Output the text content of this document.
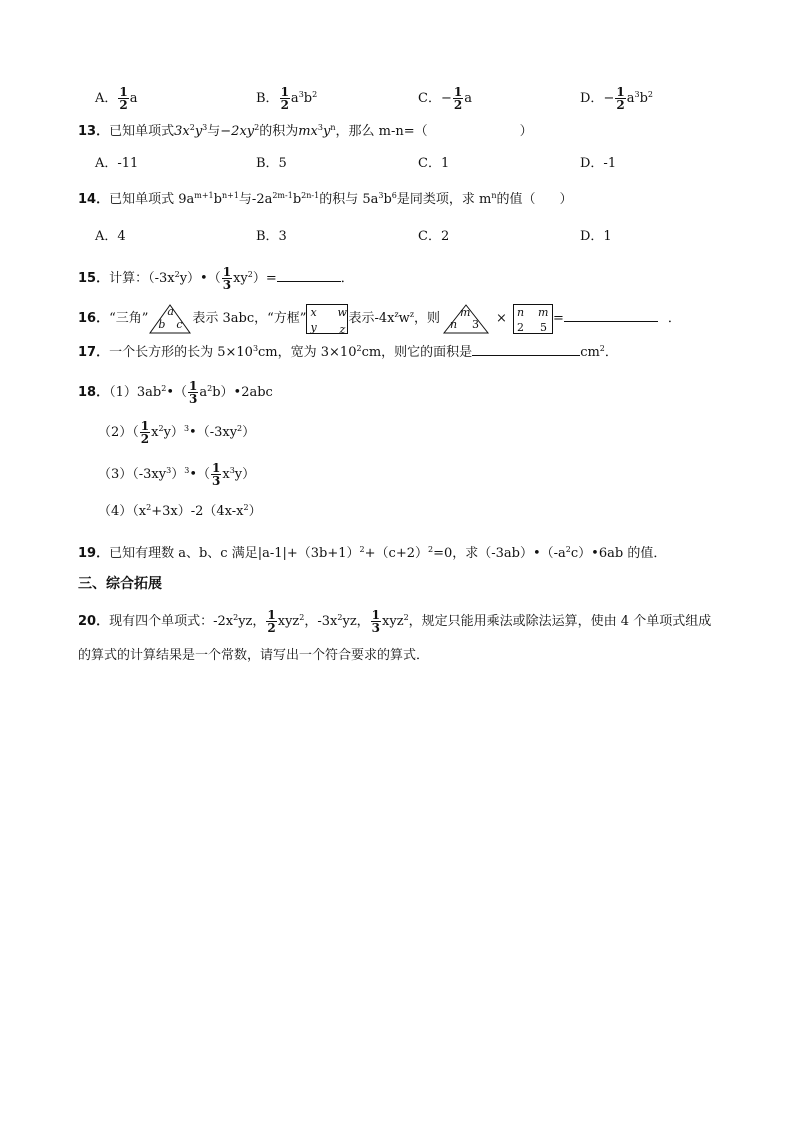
A． $\frac{1}{2}$ a	B． $\frac{1}{2} a^3b^2$	C．− $\frac{1}{2}$ a	D．− $\frac{1}{2} a^3b^2$
13．已知单项式$3x^2y^3$与$-2xy^2$的积为$mx^3y^n$，那么 m-n=（	）
A．-11	B．5	C．1	D．-1
14．已知单项式 $9a^{m+1}b^{n+1}$与$-2a^{2m-1}b^{2n-1}$的积与 $5a^3b^6$是同类项，求 $m^n$的值（ ）
A．4	B．3	C．2	D．1
15．计算：$(-3x^2y)•( \frac{1}{3} xy^2)=$	．
16．“三角” a
b c 表示 3abc，“方框” x w
y z
表示$-4x^zw^z$，则 m
n 3 × n m
2 5
=	．
17．一个长方形的长为 $5\times 10^3cm$，宽为 $3\times 10^2cm$，则它的面积是	$cm^2$．
18．$(1)3ab^2•( \frac{1}{3}$ $a^2b)•2abc$
$(2)( \frac{1}{2}$ $x^2y)^3•(-3xy^2)$
$(3)(-3xy^3)^3•( \frac{1}{3} x^3y)$
$(4)(x^2+3x)-2(4x-x^2)$
19．已知有理数 a、b、c 满足$|a-1|+(3b+1)^2+(c+2)^2=0$，求$(-3ab)•(-a^2c)•6ab$ 的值．
三、综合拓展
20．现有四个单项式：$-2x^2yz$， $\frac{1}{2} xyz^2$，$-3x^2yz$， $\frac{1}{3} xyz^2$，规定只能用乘法或除法运算，使由 4 个单项式组成
的算式的计算结果是一个常数，请写出一个符合要求的算式．
